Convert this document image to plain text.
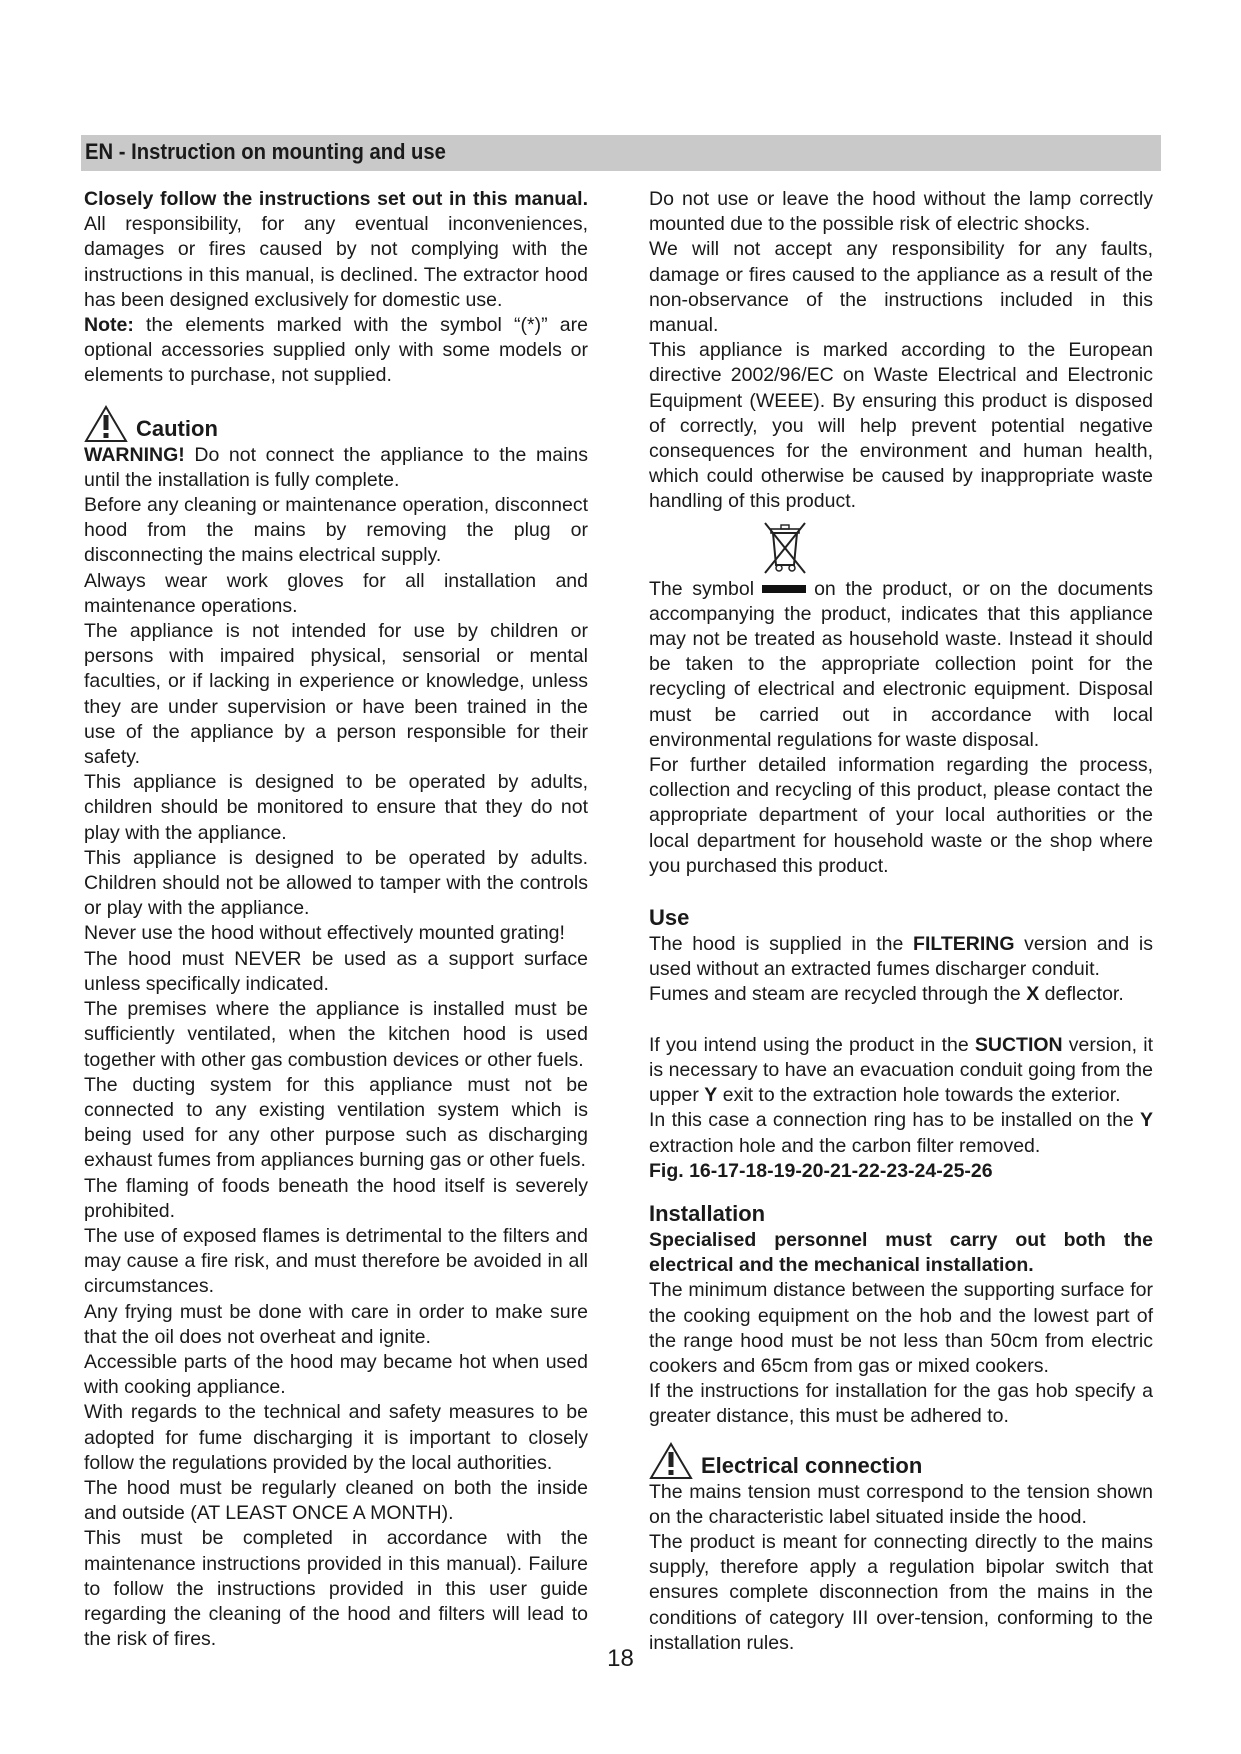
EN - Instruction on mounting and use

Closely follow the instructions set out in this manual. All responsibility, for any eventual inconveniences, damages or fires caused by not complying with the instructions in this manual, is declined. The extractor hood has been designed exclusively for domestic use.

Note: the elements marked with the symbol “(*)” are optional accessories supplied only with some models or elements to purchase, not supplied.

Caution

WARNING! Do not connect the appliance to the mains until the installation is fully complete.

Before any cleaning or maintenance operation, disconnect hood from the mains by removing the plug or disconnecting the mains electrical supply.

Always wear work gloves for all installation and maintenance operations.

The appliance is not intended for use by children or persons with impaired physical, sensorial or mental faculties, or if lacking in experience or knowledge, unless they are under supervision or have been trained in the use of the appliance by a person responsible for their safety.

This appliance is designed to be operated by adults, children should be monitored to ensure that they do not play with the appliance.

This appliance is designed to be operated by adults. Children should not be allowed to tamper with the controls or play with the appliance.

Never use the hood without effectively mounted grating!

The hood must NEVER be used as a support surface unless specifically indicated.

The premises where the appliance is installed must be sufficiently ventilated, when the kitchen hood is used together with other gas combustion devices or other fuels.

The ducting system for this appliance must not be connected to any existing ventilation system which is being used for any other purpose such as discharging exhaust fumes from appliances burning gas or other fuels.

The flaming of foods beneath the hood itself is severely prohibited.

The use of exposed flames is detrimental to the filters and may cause a fire risk, and must therefore be avoided in all circumstances.

Any frying must be done with care in order to make sure that the oil does not overheat and ignite.

Accessible parts of the hood may became hot when used with cooking appliance.

With regards to the technical and safety measures to be adopted for fume discharging it is important to closely follow the regulations provided by the local authorities.

The hood must be regularly cleaned on both the inside and outside (AT LEAST ONCE A MONTH).

This must be completed in accordance with the maintenance instructions provided in this manual). Failure to follow the instructions provided in this user guide regarding the cleaning of the hood and filters will lead to the risk of fires.

Do not use or leave the hood without the lamp correctly mounted due to the possible risk of electric shocks.

We will not accept any responsibility for any faults, damage or fires caused to the appliance as a result of the non-observance of the instructions included in this manual.

This appliance is marked according to the European directive 2002/96/EC on Waste Electrical and Electronic Equipment (WEEE). By ensuring this product is disposed of correctly, you will help prevent potential negative consequences for the environment and human health, which could otherwise be caused by inappropriate waste handling of this product.

The symbol	on the product, or on the documents accompanying the product, indicates that this appliance may not be treated as household waste. Instead it should be taken to the appropriate collection point for the recycling of electrical and electronic equipment. Disposal must be carried out in accordance with local environmental regulations for waste disposal.

For further detailed information regarding the process, collection and recycling of this product, please contact the appropriate department of your local authorities or the local department for household waste or the shop where you purchased this product.

Use

The hood is supplied in the FILTERING version and is used without an extracted fumes discharger conduit.

Fumes and steam are recycled through the X deflector.

If you intend using the product in the SUCTION version, it is necessary to have an evacuation conduit going from the upper Y exit to the extraction hole towards the exterior.

In this case a connection ring has to be installed on the Y extraction hole and the carbon filter removed.

Fig. 16-17-18-19-20-21-22-23-24-25-26

Installation

Specialised personnel must carry out both the electrical and the mechanical installation.

The minimum distance between the supporting surface for the cooking equipment on the hob and the lowest part of the range hood must be not less than 50cm from electric cookers and 65cm from gas or mixed cookers.

If the instructions for installation for the gas hob specify a greater distance, this must be adhered to.

Electrical connection

The mains tension must correspond to the tension shown on the characteristic label situated inside the hood.

The product is meant for connecting directly to the mains supply, therefore apply a regulation bipolar switch that ensures complete disconnection from the mains in the conditions of category III over-tension, conforming to the installation rules.

18
